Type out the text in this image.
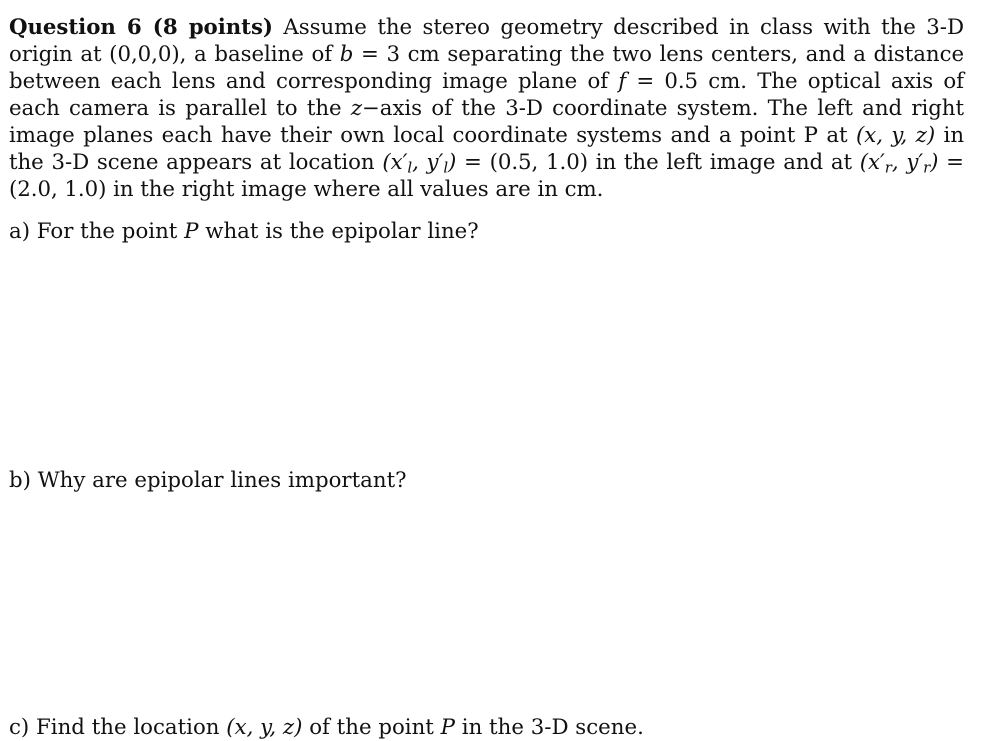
Question 6 (8 points) Assume the stereo geometry described in class with the 3-D origin at (0,0,0), a baseline of b = 3 cm separating the two lens centers, and a distance between each lens and corresponding image plane of f = 0.5 cm. The optical axis of each camera is parallel to the z−axis of the 3-D coordinate system. The left and right image planes each have their own local coordinate systems and a point P at (x, y, z) in the 3-D scene appears at location ($x'_l$, $y'_l) = (0.5$, 1.0) in the left image and at ($x'_r$, $y'_r) = (2.0$, 1.0) in the right image where all values are in cm.

a) For the point P what is the epipolar line?

b) Why are epipolar lines important?

c) Find the location (x, y, z) of the point P in the 3-D scene.
